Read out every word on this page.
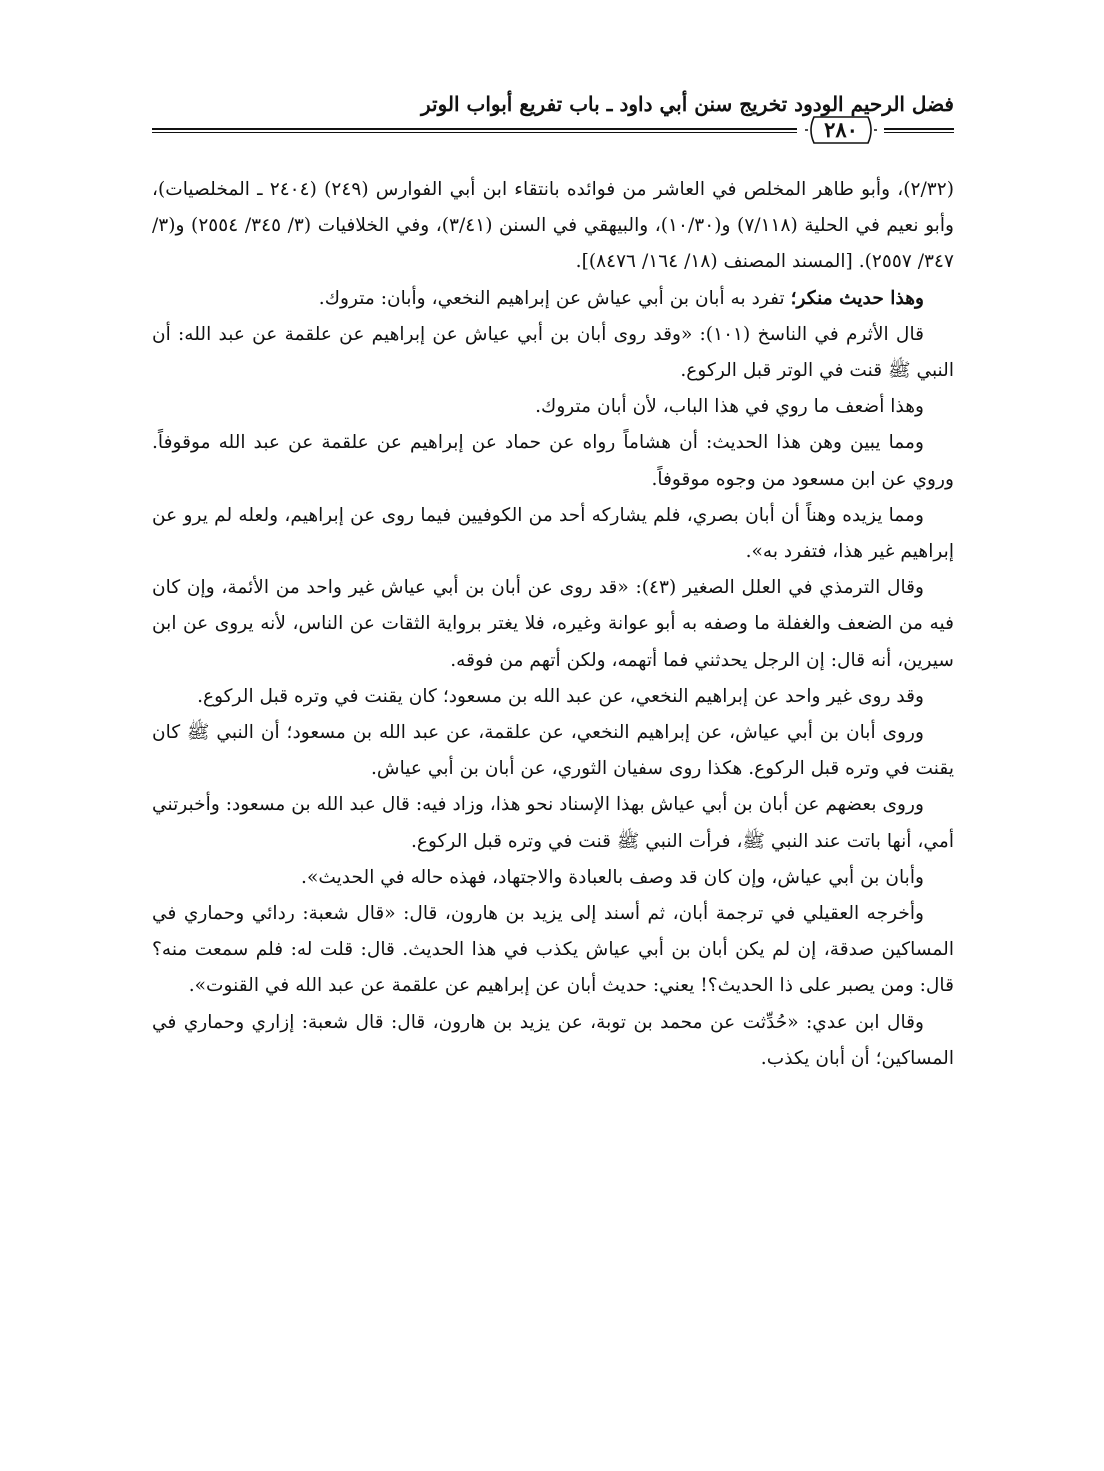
فضل الرحيم الودود تخريج سنن أبي داود ـ باب تفريع أبواب الوتر
٢٨٠

(٢/٣٢)، وأبو طاهر المخلص في العاشر من فوائده بانتقاء ابن أبي الفوارس (٢٤٩) (٢٤٠٤ ـ المخلصيات)، وأبو نعيم في الحلية (٧/١١٨) و(١٠/٣٠)، والبيهقي في السنن (٣/٤١)، وفي الخلافيات (٣/ ٣٤٥/ ٢٥٥٤) و(٣/ ٣٤٧/ ٢٥٥٧). [المسند المصنف (١٨/ ١٦٤/ ٨٤٧٦)].

وهذا حديث منكر؛ تفرد به أبان بن أبي عياش عن إبراهيم النخعي، وأبان: متروك.

قال الأثرم في الناسخ (١٠١): «وقد روى أبان بن أبي عياش عن إبراهيم عن علقمة عن عبد الله: أن النبي ﷺ قنت في الوتر قبل الركوع.

وهذا أضعف ما روي في هذا الباب، لأن أبان متروك.

ومما يبين وهن هذا الحديث: أن هشاماً رواه عن حماد عن إبراهيم عن علقمة عن عبد الله موقوفاً. وروي عن ابن مسعود من وجوه موقوفاً.

ومما يزيده وهناً أن أبان بصري، فلم يشاركه أحد من الكوفيين فيما روى عن إبراهيم، ولعله لم يرو عن إبراهيم غير هذا، فتفرد به».

وقال الترمذي في العلل الصغير (٤٣): «قد روى عن أبان بن أبي عياش غير واحد من الأئمة، وإن كان فيه من الضعف والغفلة ما وصفه به أبو عوانة وغيره، فلا يغتر برواية الثقات عن الناس، لأنه يروى عن ابن سيرين، أنه قال: إن الرجل يحدثني فما أتهمه، ولكن أتهم من فوقه.

وقد روى غير واحد عن إبراهيم النخعي، عن عبد الله بن مسعود؛ كان يقنت في وتره قبل الركوع.

وروى أبان بن أبي عياش، عن إبراهيم النخعي، عن علقمة، عن عبد الله بن مسعود؛ أن النبي ﷺ كان يقنت في وتره قبل الركوع. هكذا روى سفيان الثوري، عن أبان بن أبي عياش.

وروى بعضهم عن أبان بن أبي عياش بهذا الإسناد نحو هذا، وزاد فيه: قال عبد الله بن مسعود: وأخبرتني أمي، أنها باتت عند النبي ﷺ، فرأت النبي ﷺ قنت في وتره قبل الركوع.

وأبان بن أبي عياش، وإن كان قد وصف بالعبادة والاجتهاد، فهذه حاله في الحديث».

وأخرجه العقيلي في ترجمة أبان، ثم أسند إلى يزيد بن هارون، قال: «قال شعبة: ردائي وحماري في المساكين صدقة، إن لم يكن أبان بن أبي عياش يكذب في هذا الحديث. قال: قلت له: فلم سمعت منه؟ قال: ومن يصبر على ذا الحديث؟! يعني: حديث أبان عن إبراهيم عن علقمة عن عبد الله في القنوت».

وقال ابن عدي: «حُدِّثت عن محمد بن توبة، عن يزيد بن هارون، قال: قال شعبة: إزاري وحماري في المساكين؛ أن أبان يكذب.
